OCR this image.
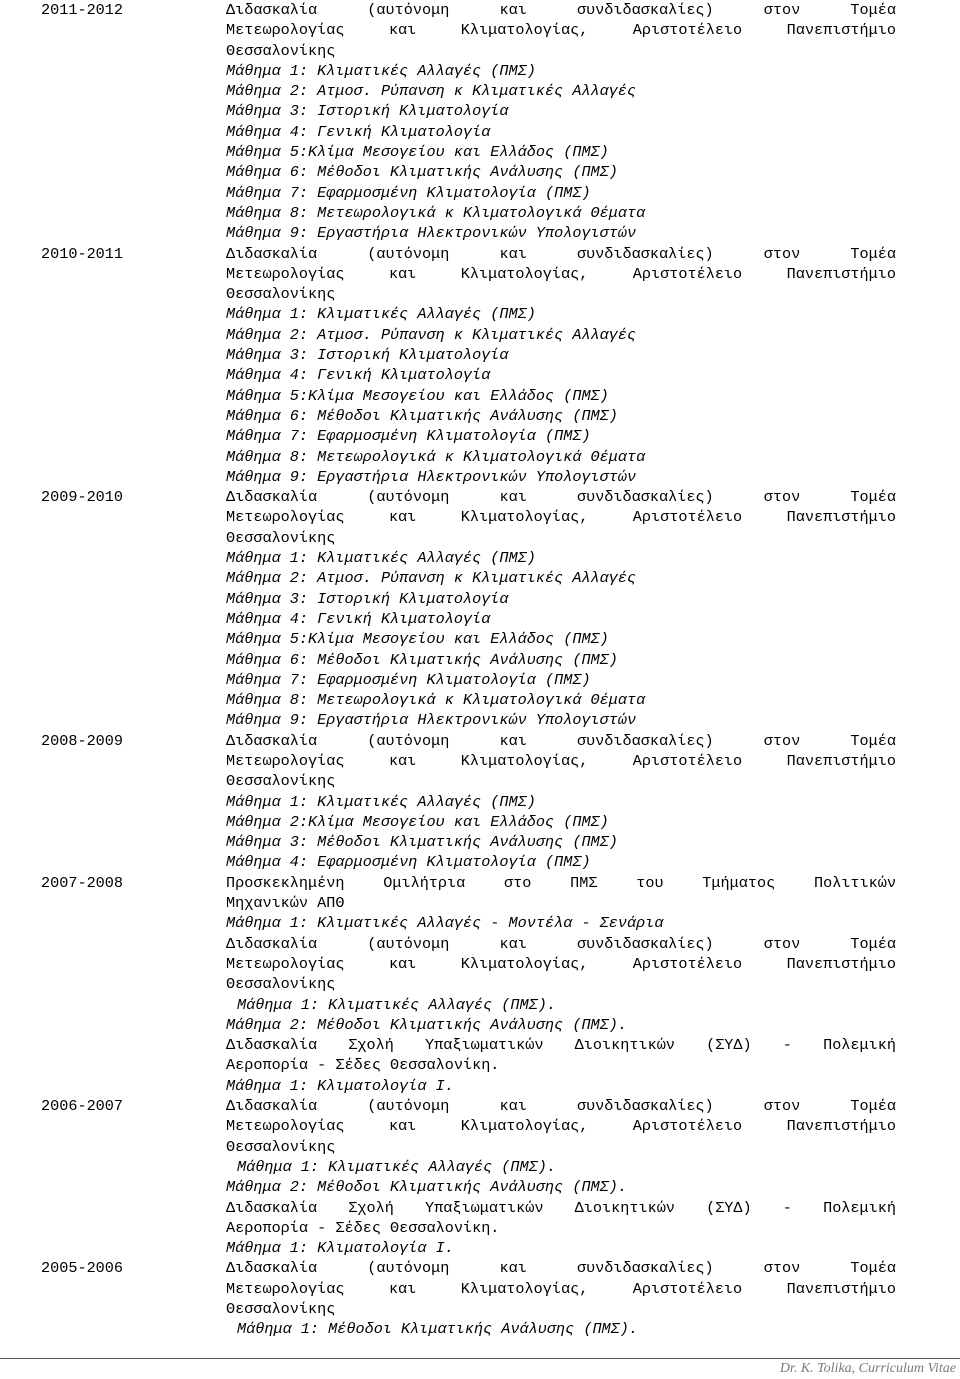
2011-2012	Διδασκαλία (αυτόνομη και συνδιδασκαλίες) στον Τομέα
Μετεωρολογίας και Κλιματολογίας, Αριστοτέλειο Πανεπιστήμιο
Θεσσαλονίκης
Μάθημα 1: Κλιματικές Αλλαγές (ΠΜΣ)
Μάθημα 2: Ατμοσ. Ρύπανση κ Κλιματικές Αλλαγές
Μάθημα 3: Ιστορική Κλιματολογία
Μάθημα 4: Γενική Κλιματολογία
Μάθημα 5:Κλίμα Μεσογείου και Ελλάδος (ΠΜΣ)
Μάθημα 6: Μέθοδοι Κλιματικής Ανάλυσης (ΠΜΣ)
Μάθημα 7: Εφαρμοσμένη Κλιματολογία (ΠΜΣ)
Μάθημα 8: Μετεωρολογικά κ Κλιματολογικά Θέματα
Μάθημα 9: Εργαστήρια Ηλεκτρονικών Υπολογιστών
2010-2011	Διδασκαλία (αυτόνομη και συνδιδασκαλίες) στον Τομέα
Μετεωρολογίας και Κλιματολογίας, Αριστοτέλειο Πανεπιστήμιο
Θεσσαλονίκης
Μάθημα 1: Κλιματικές Αλλαγές (ΠΜΣ)
Μάθημα 2: Ατμοσ. Ρύπανση κ Κλιματικές Αλλαγές
Μάθημα 3: Ιστορική Κλιματολογία
Μάθημα 4: Γενική Κλιματολογία
Μάθημα 5:Κλίμα Μεσογείου και Ελλάδος (ΠΜΣ)
Μάθημα 6: Μέθοδοι Κλιματικής Ανάλυσης (ΠΜΣ)
Μάθημα 7: Εφαρμοσμένη Κλιματολογία (ΠΜΣ)
Μάθημα 8: Μετεωρολογικά κ Κλιματολογικά Θέματα
Μάθημα 9: Εργαστήρια Ηλεκτρονικών Υπολογιστών
2009-2010	Διδασκαλία (αυτόνομη και συνδιδασκαλίες) στον Τομέα
Μετεωρολογίας και Κλιματολογίας, Αριστοτέλειο Πανεπιστήμιο
Θεσσαλονίκης
Μάθημα 1: Κλιματικές Αλλαγές (ΠΜΣ)
Μάθημα 2: Ατμοσ. Ρύπανση κ Κλιματικές Αλλαγές
Μάθημα 3: Ιστορική Κλιματολογία
Μάθημα 4: Γενική Κλιματολογία
Μάθημα 5:Κλίμα Μεσογείου και Ελλάδος (ΠΜΣ)
Μάθημα 6: Μέθοδοι Κλιματικής Ανάλυσης (ΠΜΣ)
Μάθημα 7: Εφαρμοσμένη Κλιματολογία (ΠΜΣ)
Μάθημα 8: Μετεωρολογικά κ Κλιματολογικά Θέματα
Μάθημα 9: Εργαστήρια Ηλεκτρονικών Υπολογιστών
2008-2009	Διδασκαλία (αυτόνομη και συνδιδασκαλίες) στον Τομέα
Μετεωρολογίας και Κλιματολογίας, Αριστοτέλειο Πανεπιστήμιο
Θεσσαλονίκης
Μάθημα 1: Κλιματικές Αλλαγές (ΠΜΣ)
Μάθημα 2:Κλίμα Μεσογείου και Ελλάδος (ΠΜΣ)
Μάθημα 3: Μέθοδοι Κλιματικής Ανάλυσης (ΠΜΣ)
Μάθημα 4: Εφαρμοσμένη Κλιματολογία (ΠΜΣ)
2007-2008	Προσκεκλημένη Ομιλήτρια στο ΠΜΣ του Τμήματος Πολιτικών
Μηχανικών ΑΠΘ
Μάθημα 1: Κλιματικές Αλλαγές - Μοντέλα - Σενάρια
Διδασκαλία (αυτόνομη και συνδιδασκαλίες) στον Τομέα
Μετεωρολογίας και Κλιματολογίας, Αριστοτέλειο Πανεπιστήμιο
Θεσσαλονίκης
Μάθημα 1: Κλιματικές Αλλαγές (ΠΜΣ).
Μάθημα 2: Μέθοδοι Κλιματικής Ανάλυσης (ΠΜΣ).
Διδασκαλία Σχολή Υπαξιωματικών Διοικητικών (ΣΥΔ) - Πολεμική
Αεροπορία - Σέδες Θεσσαλονίκη.
Μάθημα 1: Κλιματολογία Ι.
2006-2007	Διδασκαλία (αυτόνομη και συνδιδασκαλίες) στον Τομέα
Μετεωρολογίας και Κλιματολογίας, Αριστοτέλειο Πανεπιστήμιο
Θεσσαλονίκης
Μάθημα 1: Κλιματικές Αλλαγές (ΠΜΣ).
Μάθημα 2: Μέθοδοι Κλιματικής Ανάλυσης (ΠΜΣ).
Διδασκαλία Σχολή Υπαξιωματικών Διοικητικών (ΣΥΔ) - Πολεμική
Αεροπορία - Σέδες Θεσσαλονίκη.
Μάθημα 1: Κλιματολογία Ι.
2005-2006	Διδασκαλία (αυτόνομη και συνδιδασκαλίες) στον Τομέα
Μετεωρολογίας και Κλιματολογίας, Αριστοτέλειο Πανεπιστήμιο
Θεσσαλονίκης
Μάθημα 1: Μέθοδοι Κλιματικής Ανάλυσης (ΠΜΣ).
Dr. K. Tolika, Curriculum Vitae
